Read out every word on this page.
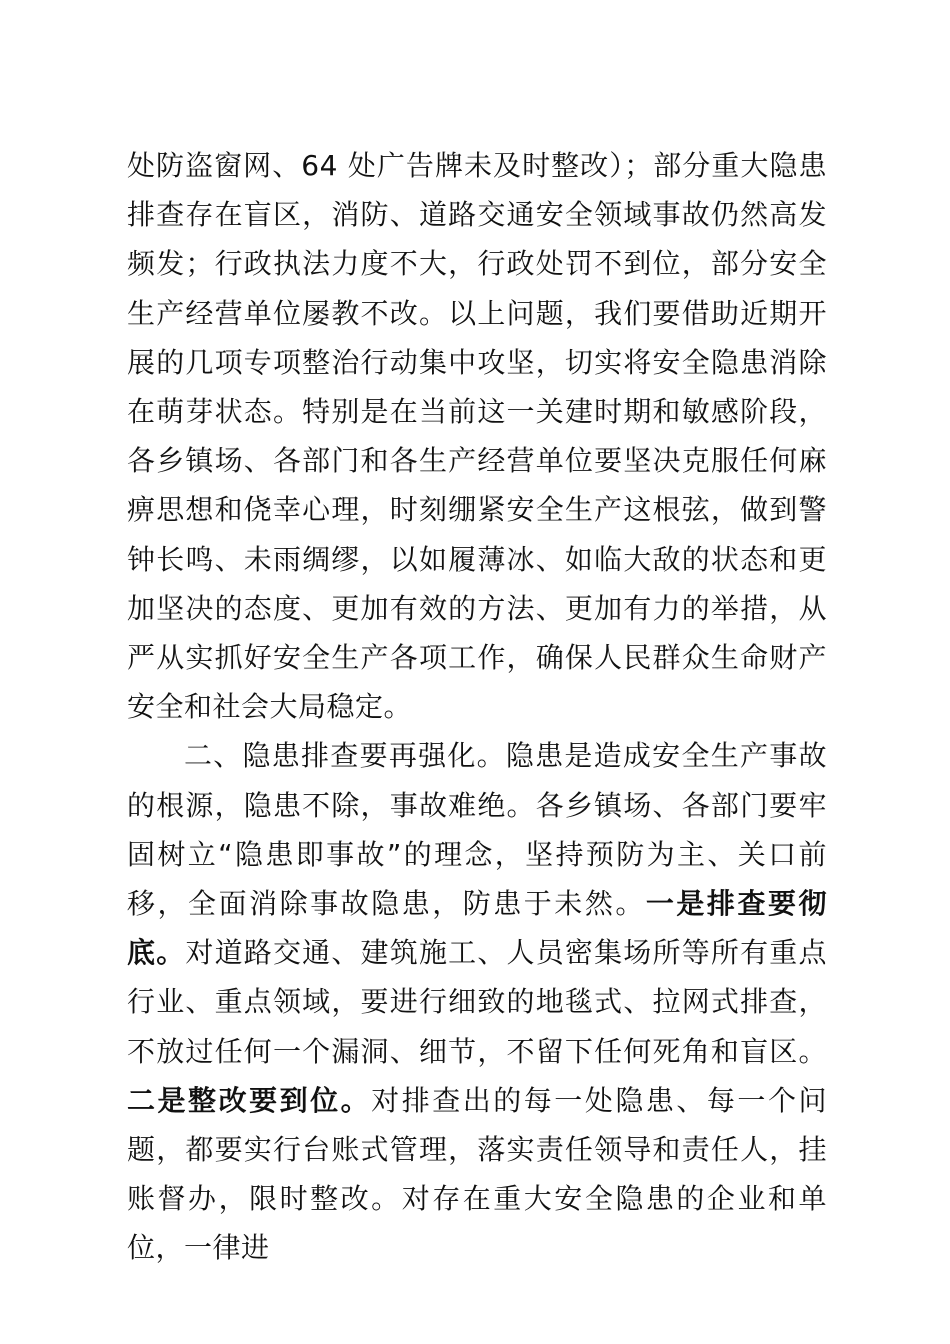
处防盗窗网、64 处广告牌未及时整改）；部分重大隐患排查存在盲区，消防、道路交通安全领域事故仍然高发频发；行政执法力度不大，行政处罚不到位，部分安全生产经营单位屡教不改。以上问题，我们要借助近期开展的几项专项整治行动集中攻坚，切实将安全隐患消除在萌芽状态。特别是在当前这一关建时期和敏感阶段，各乡镇场、各部门和各生产经营单位要坚决克服任何麻痹思想和侥幸心理，时刻绷紧安全生产这根弦，做到警钟长鸣、未雨绸缪，以如履薄冰、如临大敌的状态和更加坚决的态度、更加有效的方法、更加有力的举措，从严从实抓好安全生产各项工作，确保人民群众生命财产安全和社会大局稳定。

二、隐患排查要再强化。隐患是造成安全生产事故的根源，隐患不除，事故难绝。各乡镇场、各部门要牢固树立“隐患即事故”的理念，坚持预防为主、关口前移，全面消除事故隐患，防患于未然。一是排查要彻底。对道路交通、建筑施工、人员密集场所等所有重点行业、重点领域，要进行细致的地毯式、拉网式排查，不放过任何一个漏洞、细节，不留下任何死角和盲区。二是整改要到位。对排查出的每一处隐患、每一个问题，都要实行台账式管理，落实责任领导和责任人，挂账督办，限时整改。对存在重大安全隐患的企业和单位，一律进
